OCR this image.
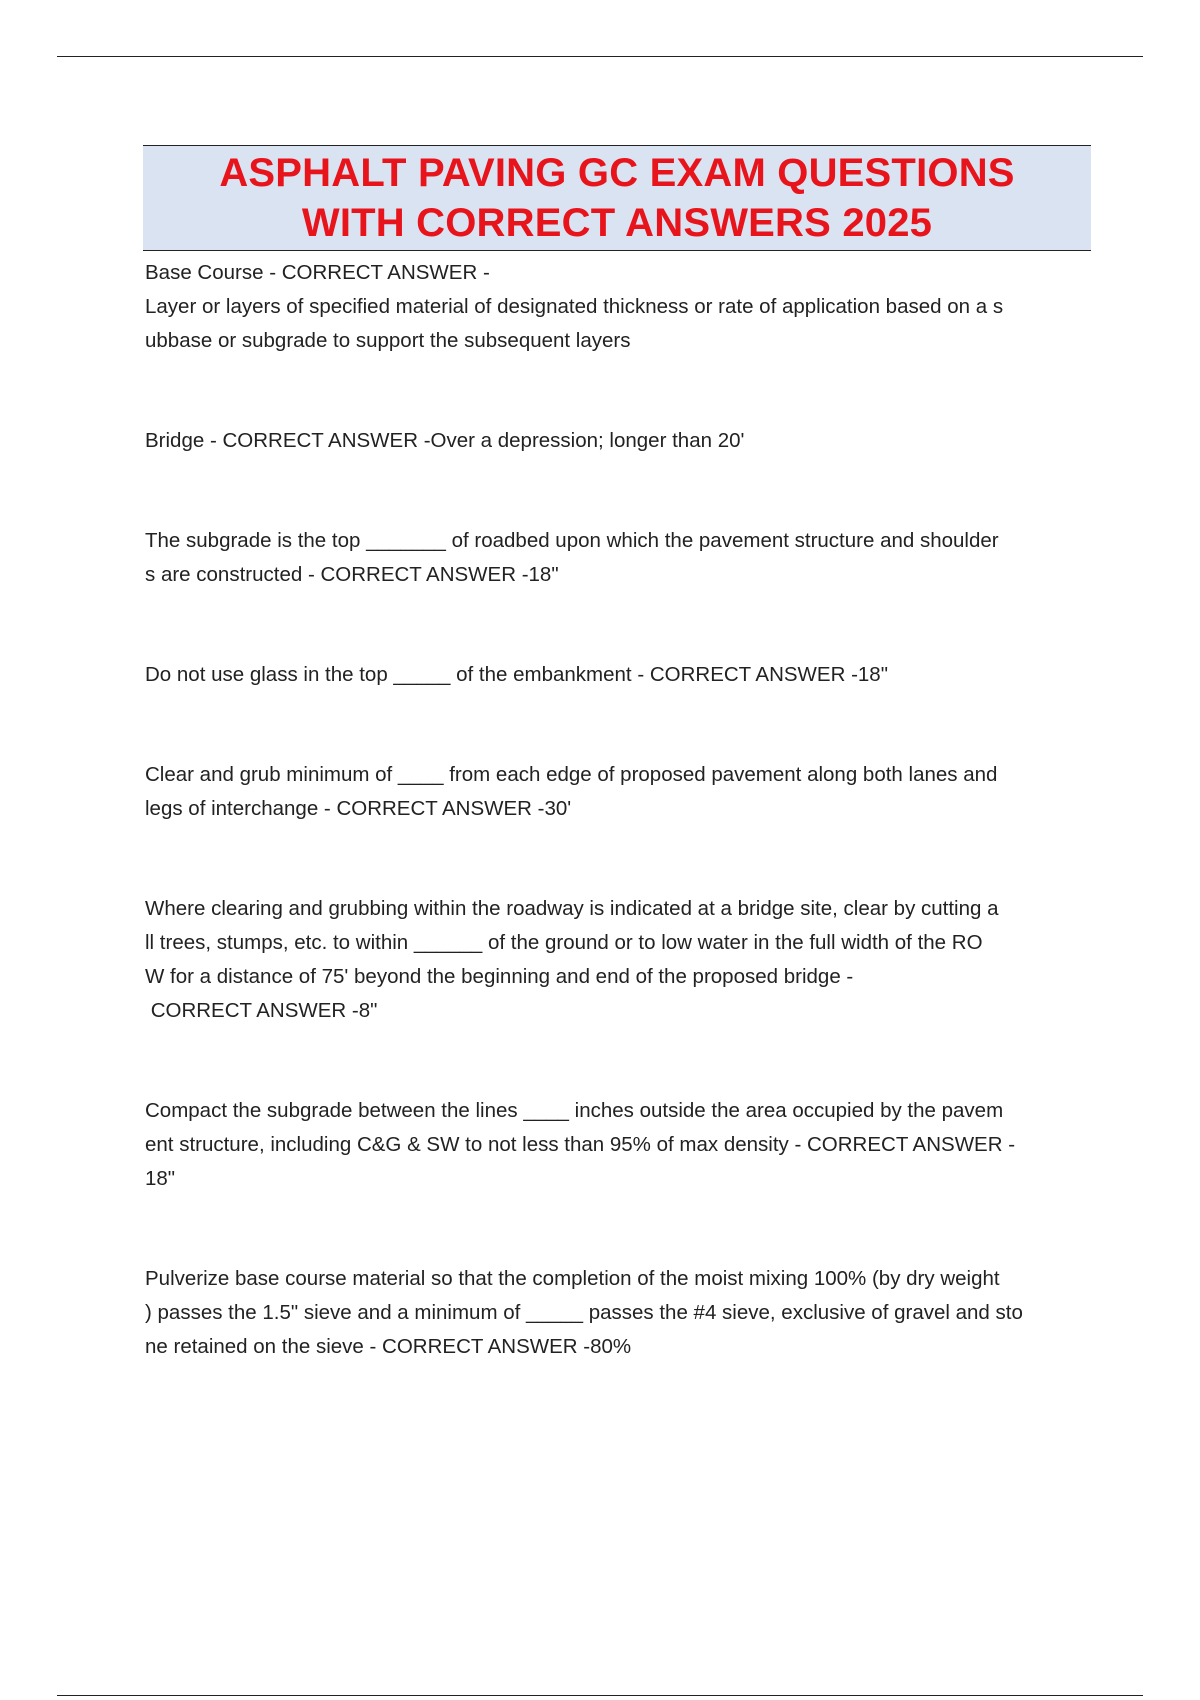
ASPHALT PAVING GC EXAM QUESTIONS
WITH CORRECT ANSWERS 2025

Base Course - CORRECT ANSWER -
Layer or layers of specified material of designated thickness or rate of application based on a s
ubbase or subgrade to support the subsequent layers

Bridge - CORRECT ANSWER -Over a depression; longer than 20'

The subgrade is the top _______ of roadbed upon which the pavement structure and shoulder
s are constructed - CORRECT ANSWER -18"

Do not use glass in the top _____ of the embankment - CORRECT ANSWER -18"

Clear and grub minimum of ____ from each edge of proposed pavement along both lanes and
legs of interchange - CORRECT ANSWER -30'

Where clearing and grubbing within the roadway is indicated at a bridge site, clear by cutting a
ll trees, stumps, etc. to within ______ of the ground or to low water in the full width of the RO
W for a distance of 75' beyond the beginning and end of the proposed bridge -
CORRECT ANSWER -8"

Compact the subgrade between the lines ____ inches outside the area occupied by the pavem
ent structure, including C&G & SW to not less than 95% of max density - CORRECT ANSWER -
18"

Pulverize base course material so that the completion of the moist mixing 100% (by dry weight
) passes the 1.5" sieve and a minimum of _____ passes the #4 sieve, exclusive of gravel and sto
ne retained on the sieve - CORRECT ANSWER -80%
